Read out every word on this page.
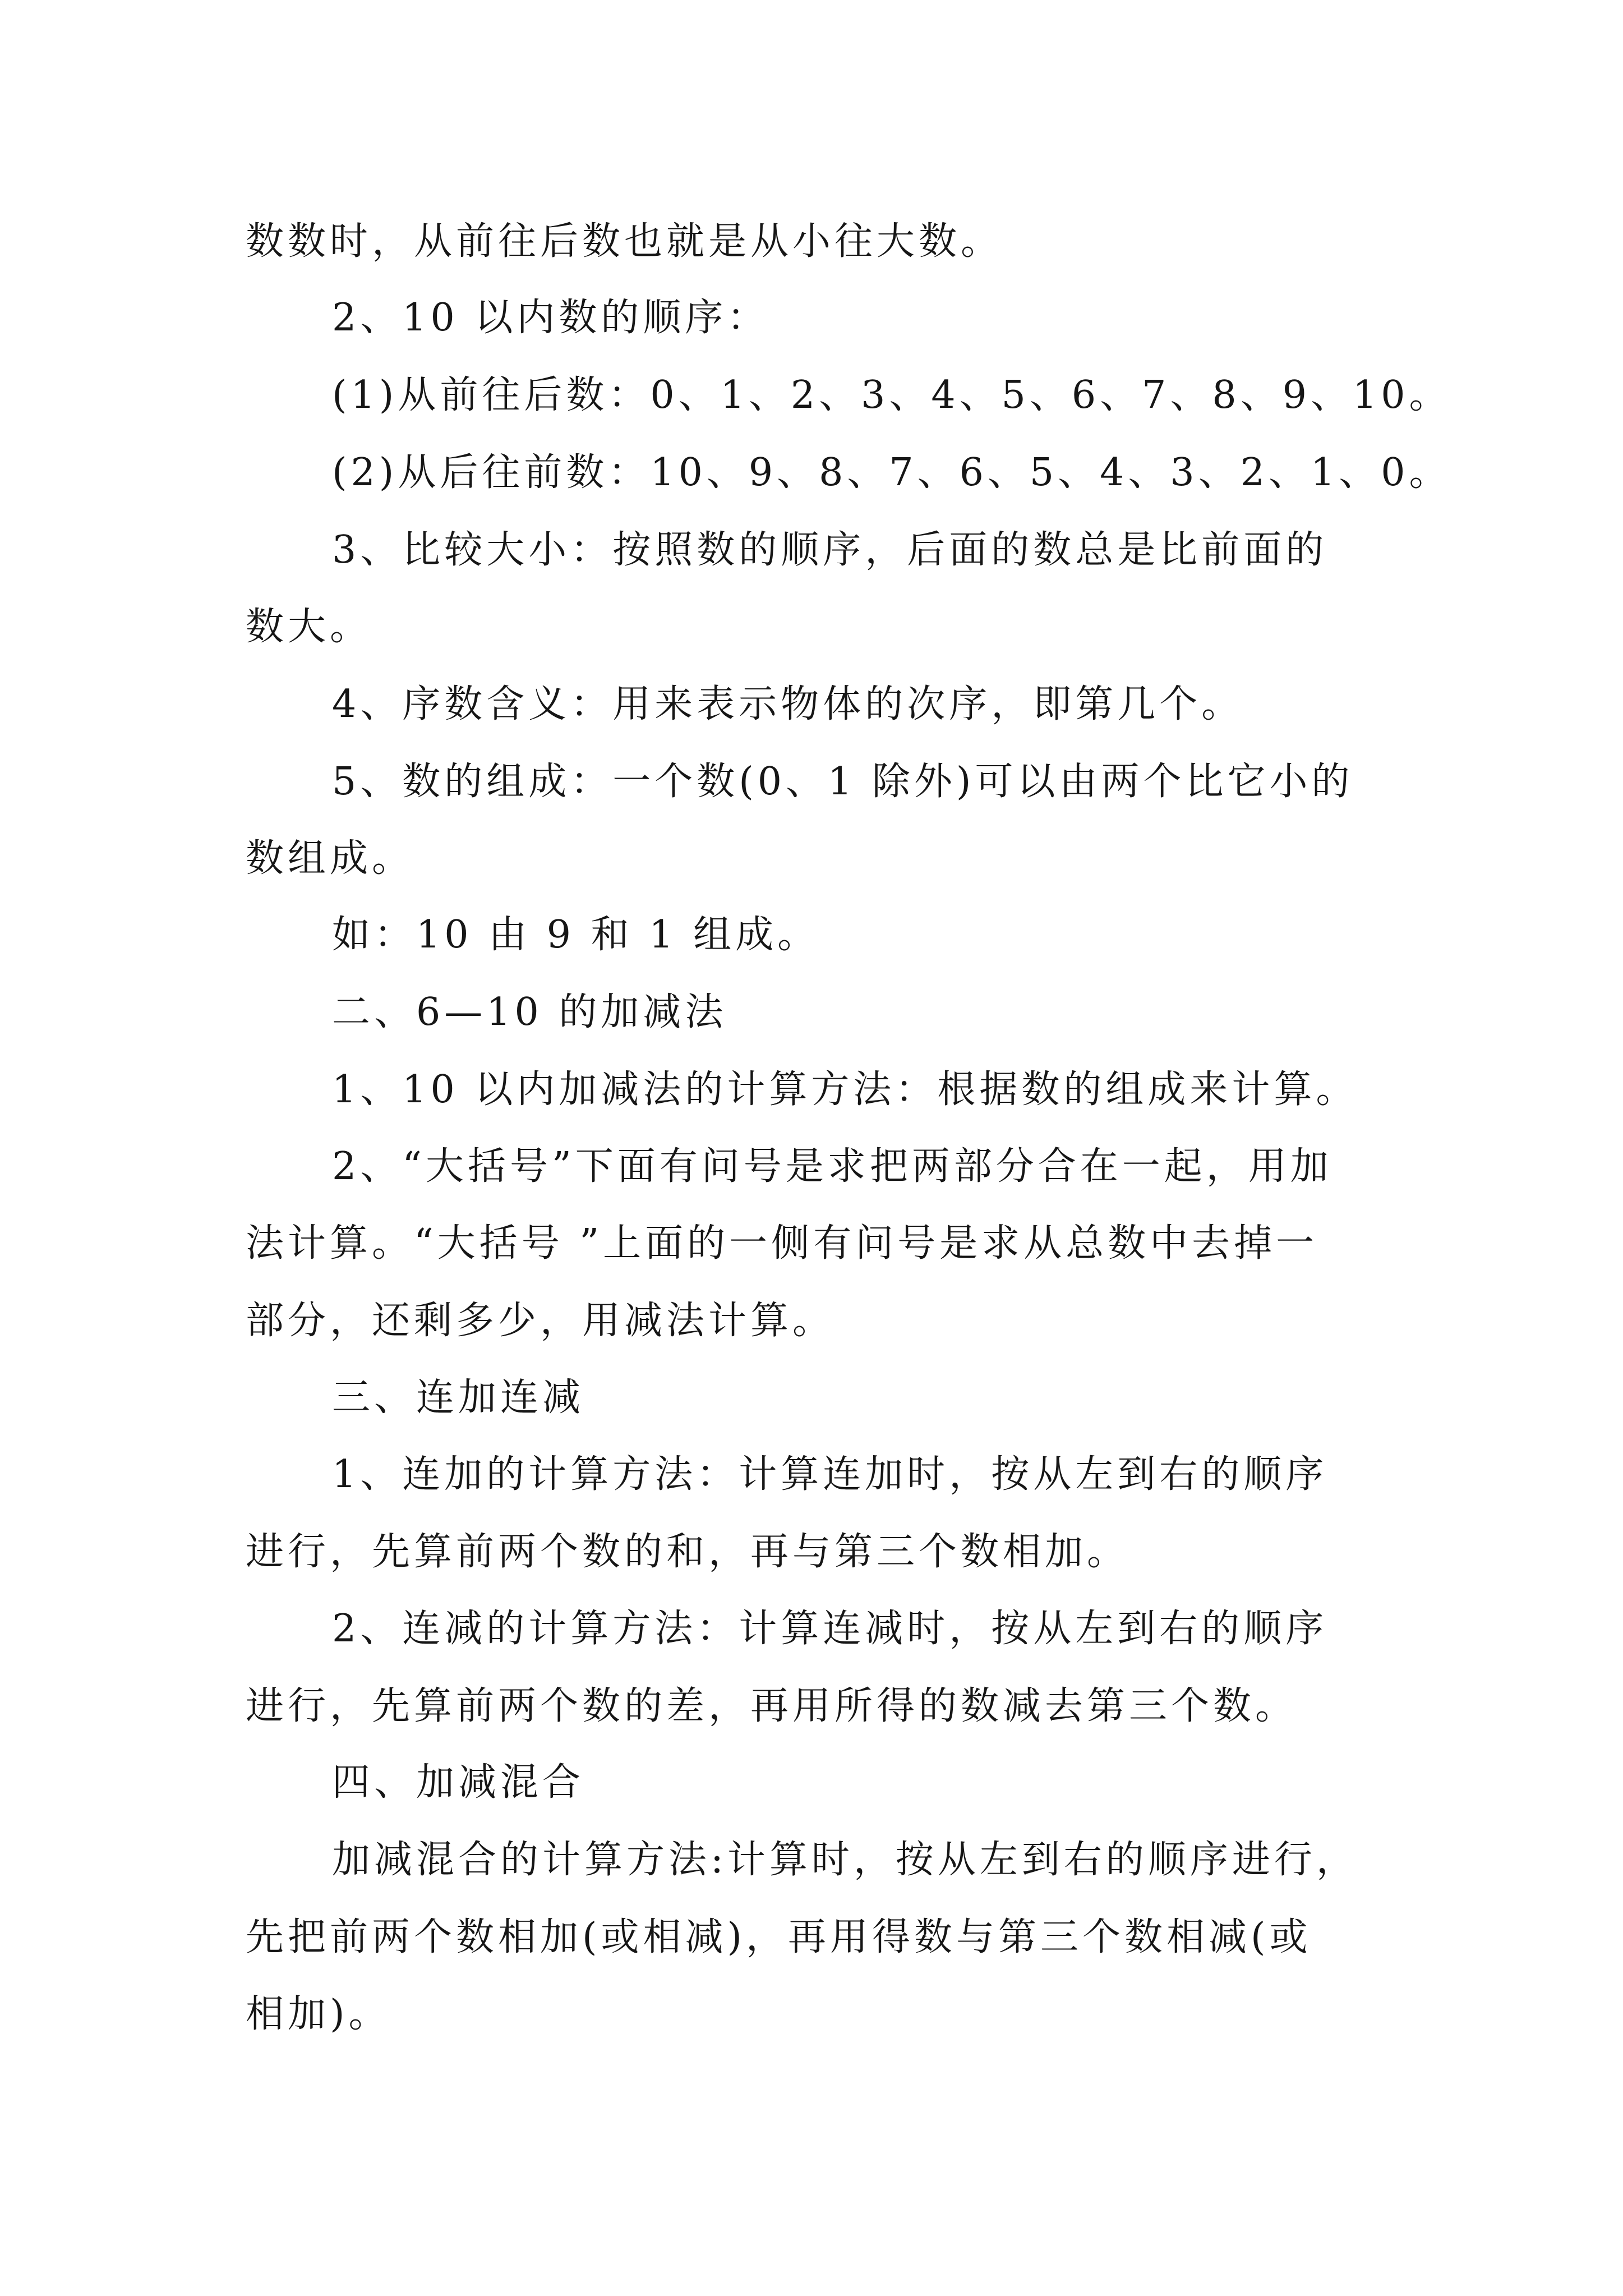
数数时，从前往后数也就是从小往大数。
2、10 以内数的顺序：
(1)从前往后数：0、1、2、3、4、5、6、7、8、9、10。
(2)从后往前数：10、9、8、7、6、5、4、3、2、1、0。
3、比较大小：按照数的顺序，后面的数总是比前面的
数大。
4、序数含义：用来表示物体的次序，即第几个。
5、数的组成：一个数(0、1 除外)可以由两个比它小的
数组成。
如：10 由 9 和 1 组成。
二、6—10 的加减法
1、10 以内加减法的计算方法：根据数的组成来计算。
2、“大括号”下面有问号是求把两部分合在一起，用加
法计算。“大括号 ”上面的一侧有问号是求从总数中去掉一
部分，还剩多少，用减法计算。
三、连加连减
1、连加的计算方法：计算连加时，按从左到右的顺序
进行，先算前两个数的和，再与第三个数相加。
2、连减的计算方法：计算连减时，按从左到右的顺序
进行，先算前两个数的差，再用所得的数减去第三个数。
四、加减混合
加减混合的计算方法:计算时，按从左到右的顺序进行，
先把前两个数相加(或相减)，再用得数与第三个数相减(或
相加)。
